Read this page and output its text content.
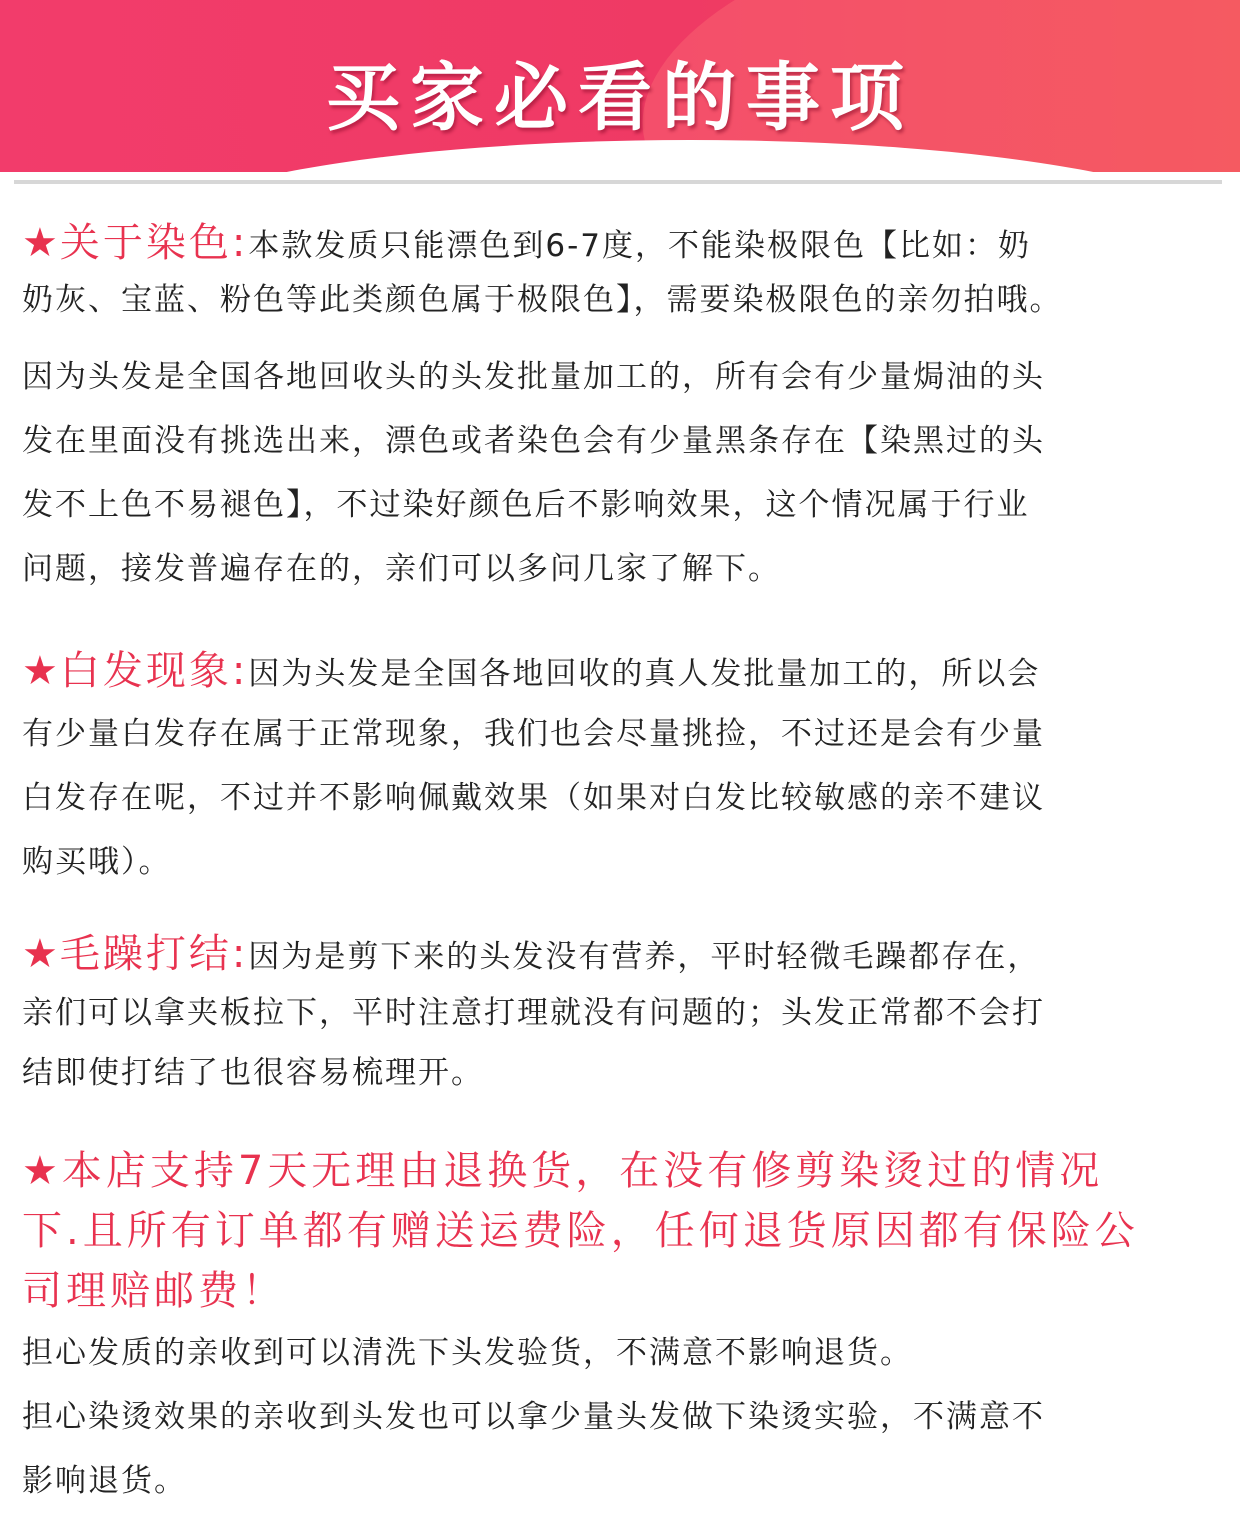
买家必看的事项

★关于染色:本款发质只能漂色到6-7度，不能染极限色【比如：奶

奶灰、宝蓝、粉色等此类颜色属于极限色】，需要染极限色的亲勿拍哦。

因为头发是全国各地回收头的头发批量加工的，所有会有少量焗油的头

发在里面没有挑选出来，漂色或者染色会有少量黑条存在【染黑过的头

发不上色不易褪色】，不过染好颜色后不影响效果，这个情况属于行业

问题，接发普遍存在的，亲们可以多问几家了解下。

★白发现象:因为头发是全国各地回收的真人发批量加工的，所以会

有少量白发存在属于正常现象，我们也会尽量挑捡，不过还是会有少量

白发存在呢，不过并不影响佩戴效果（如果对白发比较敏感的亲不建议

购买哦）。

★毛躁打结:因为是剪下来的头发没有营养，平时轻微毛躁都存在，

亲们可以拿夹板拉下，平时注意打理就没有问题的；头发正常都不会打

结即使打结了也很容易梳理开。

★本店支持7天无理由退换货，在没有修剪染烫过的情况

下.且所有订单都有赠送运费险，任何退货原因都有保险公

司理赔邮费！

担心发质的亲收到可以清洗下头发验货，不满意不影响退货。

担心染烫效果的亲收到头发也可以拿少量头发做下染烫实验，不满意不

影响退货。
